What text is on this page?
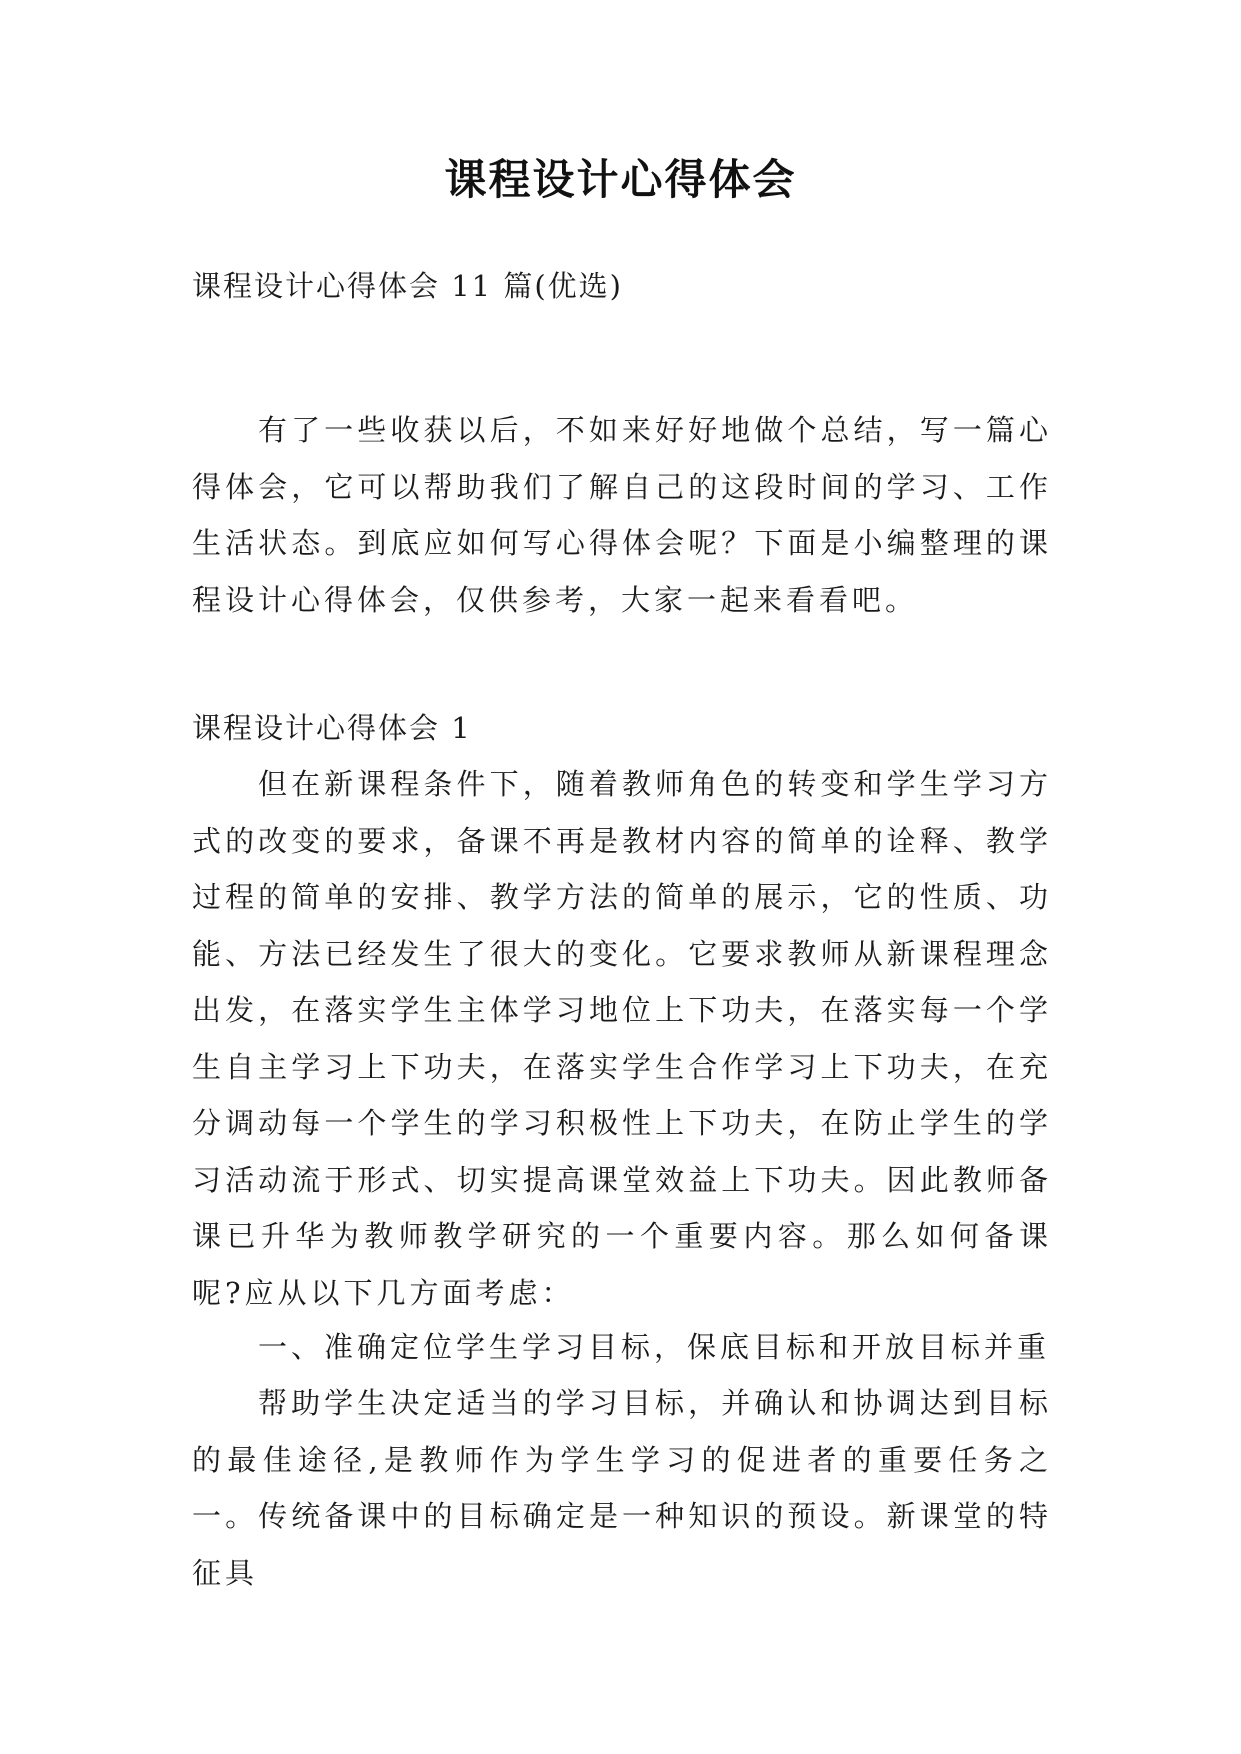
课程设计心得体会
课程设计心得体会 11 篇(优选)

有了一些收获以后，不如来好好地做个总结，写一篇心得体会，它可以帮助我们了解自己的这段时间的学习、工作生活状态。到底应如何写心得体会呢？下面是小编整理的课程设计心得体会，仅供参考，大家一起来看看吧。

课程设计心得体会 1

但在新课程条件下，随着教师角色的转变和学生学习方式的改变的要求，备课不再是教材内容的简单的诠释、教学过程的简单的安排、教学方法的简单的展示，它的性质、功能、方法已经发生了很大的变化。它要求教师从新课程理念出发，在落实学生主体学习地位上下功夫，在落实每一个学生自主学习上下功夫，在落实学生合作学习上下功夫，在充分调动每一个学生的学习积极性上下功夫，在防止学生的学习活动流于形式、切实提高课堂效益上下功夫。因此教师备课已升华为教师教学研究的一个重要内容。那么如何备课呢?应从以下几方面考虑：

一、准确定位学生学习目标，保底目标和开放目标并重

帮助学生决定适当的学习目标，并确认和协调达到目标的最佳途径,是教师作为学生学习的促进者的重要任务之一。传统备课中的目标确定是一种知识的预设。新课堂的特征具
